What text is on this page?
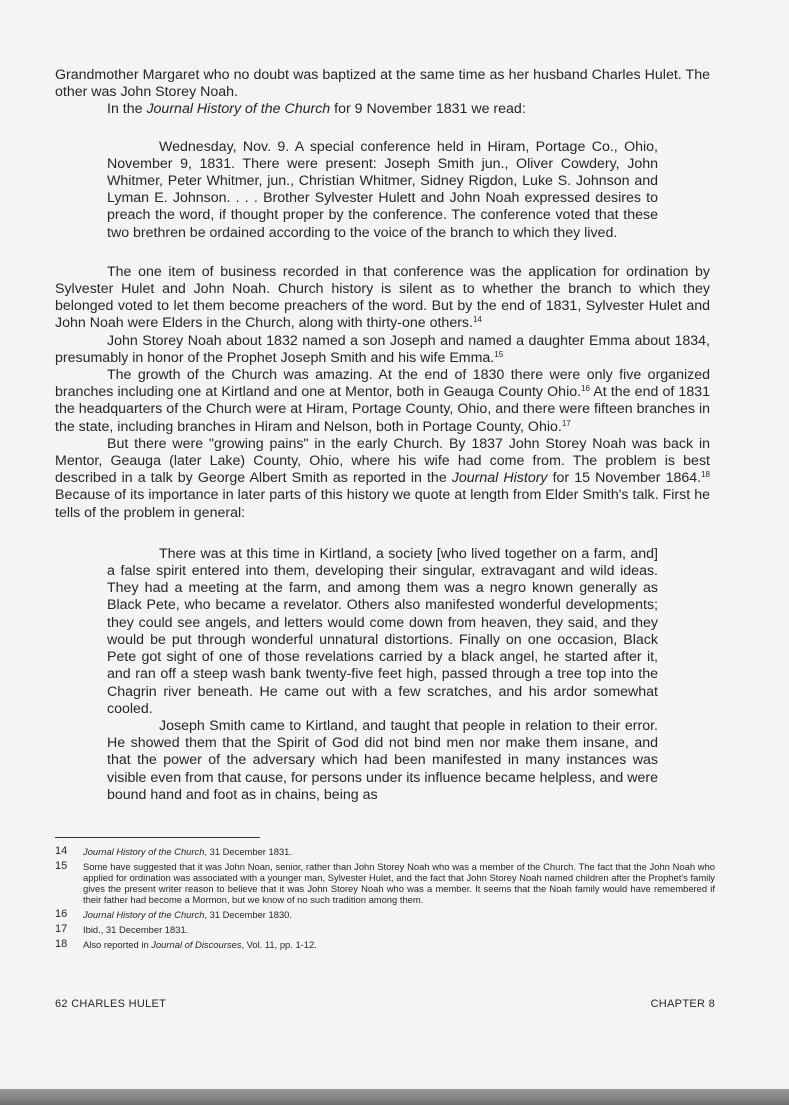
Grandmother Margaret who no doubt was baptized at the same time as her husband Charles Hulet. The other was John Storey Noah.

In the Journal History of the Church for 9 November 1831 we read:

Wednesday, Nov. 9. A special conference held in Hiram, Portage Co., Ohio, November 9, 1831. There were present: Joseph Smith jun., Oliver Cowdery, John Whitmer, Peter Whitmer, jun., Christian Whitmer, Sidney Rigdon, Luke S. Johnson and Lyman E. Johnson. . . . Brother Sylvester Hulett and John Noah expressed desires to preach the word, if thought proper by the conference. The conference voted that these two brethren be ordained according to the voice of the branch to which they lived.

The one item of business recorded in that conference was the application for ordination by Sylvester Hulet and John Noah. Church history is silent as to whether the branch to which they belonged voted to let them become preachers of the word. But by the end of 1831, Sylvester Hulet and John Noah were Elders in the Church, along with thirty-one others.$^{14}$

John Storey Noah about 1832 named a son Joseph and named a daughter Emma about 1834, presumably in honor of the Prophet Joseph Smith and his wife Emma.$^{15}$

The growth of the Church was amazing. At the end of 1830 there were only five organized branches including one at Kirtland and one at Mentor, both in Geauga County Ohio.$^{16}$ At the end of 1831 the headquarters of the Church were at Hiram, Portage County, Ohio, and there were fifteen branches in the state, including branches in Hiram and Nelson, both in Portage County, Ohio.$^{17}$

But there were "growing pains" in the early Church. By 1837 John Storey Noah was back in Mentor, Geauga (later Lake) County, Ohio, where his wife had come from. The problem is best described in a talk by George Albert Smith as reported in the Journal History for 15 November 1864.18 Because of its importance in later parts of this history we quote at length from Elder Smith's talk. First he tells of the problem in general:

There was at this time in Kirtland, a society [who lived together on a farm, and] a false spirit entered into them, developing their singular, extravagant and wild ideas. They had a meeting at the farm, and among them was a negro known generally as Black Pete, who became a revelator. Others also manifested wonderful developments; they could see angels, and letters would come down from heaven, they said, and they would be put through wonderful unnatural distortions. Finally on one occasion, Black Pete got sight of one of those revelations carried by a black angel, he started after it, and ran off a steep wash bank twenty-five feet high, passed through a tree top into the Chagrin river beneath. He came out with a few scratches, and his ardor somewhat cooled.

Joseph Smith came to Kirtland, and taught that people in relation to their error. He showed them that the Spirit of God did not bind men nor make them insane, and that the power of the adversary which had been manifested in many instances was visible even from that cause, for persons under its influence became helpless, and were bound hand and foot as in chains, being as

14	Journal History of the Church, 31 December 1831.
15	Some have suggested that it was John Noan, senior, rather than John Storey Noah who was a member of the Church. The fact that the John Noah who applied for ordination was associated with a younger man, Sylvester Hulet, and the fact that John Storey Noah named children after the Prophet's family gives the present writer reason to believe that it was John Storey Noah who was a member. It seems that the Noah family would have remembered if their father had become a Mormon, but we know of no such tradition among them.
16	Journal History of the Church, 31 December 1830.
17	Ibid., 31 December 1831.
18	Also reported in Journal of Discourses, Vol. 11, pp. 1-12.
62 CHARLES HULET	CHAPTER 8
